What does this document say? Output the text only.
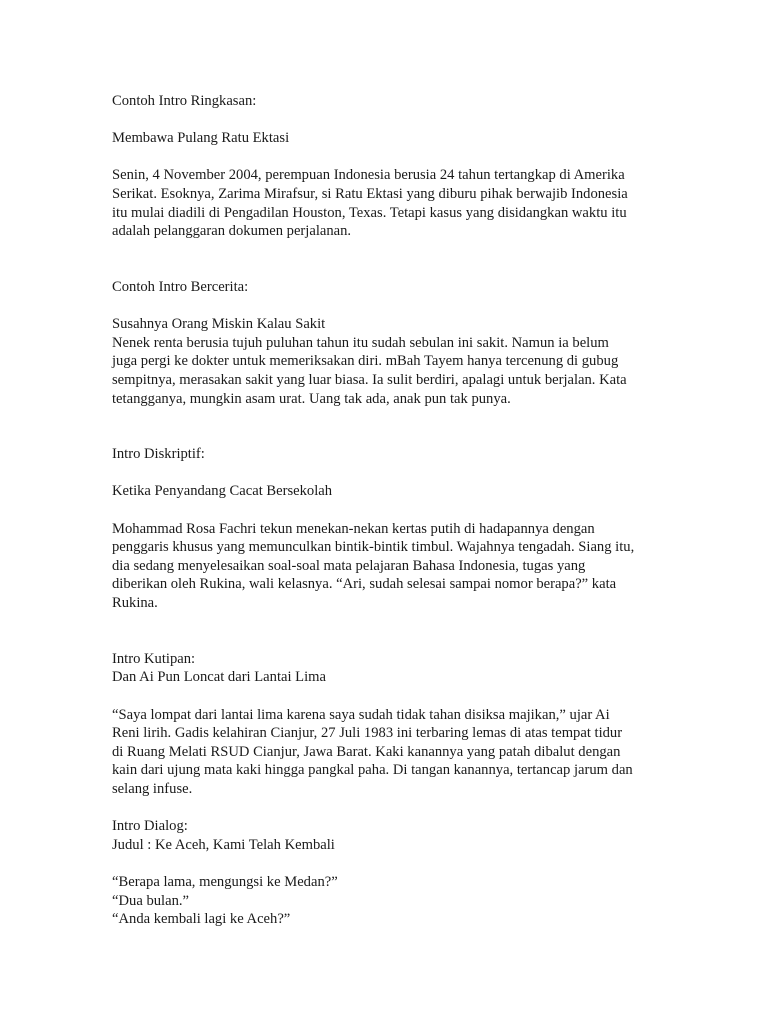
Contoh Intro Ringkasan:

Membawa Pulang Ratu Ektasi

Senin, 4 November 2004, perempuan Indonesia berusia 24 tahun tertangkap di Amerika
Serikat. Esoknya, Zarima Mirafsur, si Ratu Ektasi yang diburu pihak berwajib Indonesia
itu mulai diadili di Pengadilan Houston, Texas. Tetapi kasus yang disidangkan waktu itu
adalah pelanggaran dokumen perjalanan.

Contoh Intro Bercerita:

Susahnya Orang Miskin Kalau Sakit

Nenek renta berusia tujuh puluhan tahun itu sudah sebulan ini sakit. Namun ia belum
juga pergi ke dokter untuk memeriksakan diri. mBah Tayem hanya tercenung di gubug
sempitnya, merasakan sakit yang luar biasa. Ia sulit berdiri, apalagi untuk berjalan. Kata
tetangganya, mungkin asam urat. Uang tak ada, anak pun tak punya.

Intro Diskriptif:

Ketika Penyandang Cacat Bersekolah

Mohammad Rosa Fachri tekun menekan-nekan kertas putih di hadapannya dengan
penggaris khusus yang memunculkan bintik-bintik timbul. Wajahnya tengadah. Siang itu,
dia sedang menyelesaikan soal-soal mata pelajaran Bahasa Indonesia, tugas yang
diberikan oleh Rukina, wali kelasnya. “Ari, sudah selesai sampai nomor berapa?” kata
Rukina.

Intro Kutipan:

Dan Ai Pun Loncat dari Lantai Lima

“Saya lompat dari lantai lima karena saya sudah tidak tahan disiksa majikan,” ujar Ai
Reni lirih. Gadis kelahiran Cianjur, 27 Juli 1983 ini terbaring lemas di atas tempat tidur
di Ruang Melati RSUD Cianjur, Jawa Barat. Kaki kanannya yang patah dibalut dengan
kain dari ujung mata kaki hingga pangkal paha. Di tangan kanannya, tertancap jarum dan
selang infuse.

Intro Dialog:

Judul : Ke Aceh, Kami Telah Kembali

“Berapa lama, mengungsi ke Medan?”
“Dua bulan.”
“Anda kembali lagi ke Aceh?”
